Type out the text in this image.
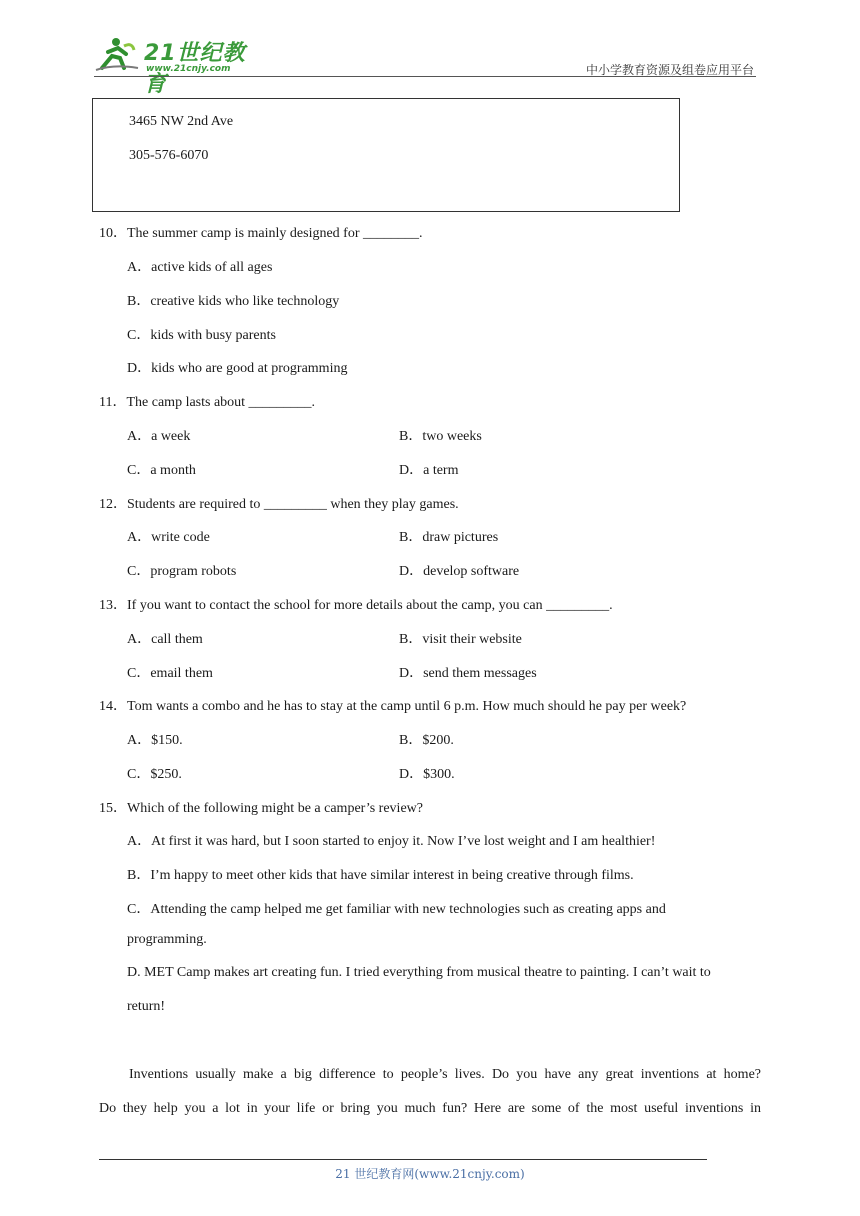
21世纪教育
www.21cnjy.com	中小学教育资源及组卷应用平台
3465 NW 2nd Ave
305-576-6070
10．The summer camp is mainly designed for ________.
A．active kids of all ages
B．creative kids who like technology
C．kids with busy parents
D．kids who are good at programming
11．The camp lasts about _________.
A．a week	B．two weeks
C．a month	D．a term
12．Students are required to _________ when they play games.
A．write code	B．draw pictures
C．program robots	D．develop software
13．If you want to contact the school for more details about the camp, you can _________.
A．call them	B．visit their website
C．email them	D．send them messages
14．Tom wants a combo and he has to stay at the camp until 6 p.m. How much should he pay per week?
A．$150.	B．$200.
C．$250.	D．$300.
15．Which of the following might be a camper’s review?
A．At first it was hard, but I soon started to enjoy it. Now I’ve lost weight and I am healthier!
B．I’m happy to meet other kids that have similar interest in being creative through films.
C．Attending the camp helped me get familiar with new technologies such as creating apps and
programming.
D. MET Camp makes art creating fun. I tried everything from musical theatre to painting. I can’t wait to
return!
Inventions usually make a big difference to people’s lives. Do you have any great inventions at home?
Do they help you a lot in your life or bring you much fun? Here are some of the most useful inventions in
21 世纪教育网(www.21cnjy.com)
